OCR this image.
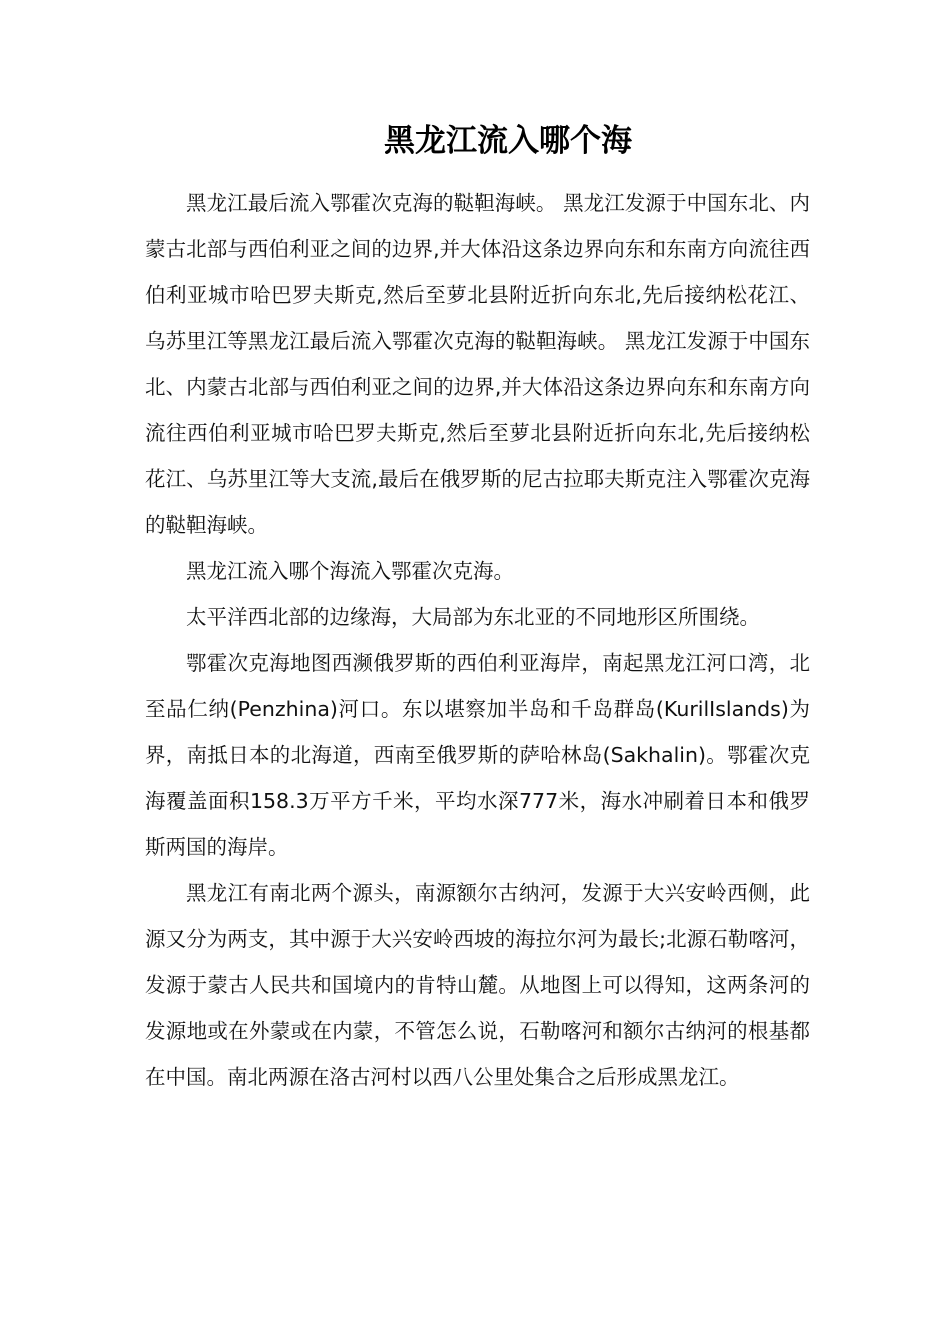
黑龙江流入哪个海

黑龙江最后流入鄂霍次克海的鞑靼海峡。 黑龙江发源于中国东北、内蒙古北部与西伯利亚之间的边界,并大体沿这条边界向东和东南方向流往西伯利亚城市哈巴罗夫斯克,然后至萝北县附近折向东北,先后接纳松花江、乌苏里江等黑龙江最后流入鄂霍次克海的鞑靼海峡。 黑龙江发源于中国东北、内蒙古北部与西伯利亚之间的边界,并大体沿这条边界向东和东南方向流往西伯利亚城市哈巴罗夫斯克,然后至萝北县附近折向东北,先后接纳松花江、乌苏里江等大支流,最后在俄罗斯的尼古拉耶夫斯克注入鄂霍次克海的鞑靼海峡。

黑龙江流入哪个海流入鄂霍次克海。

太平洋西北部的边缘海，大局部为东北亚的不同地形区所围绕。

鄂霍次克海地图西濒俄罗斯的西伯利亚海岸，南起黑龙江河口湾，北至品仁纳(Penzhina)河口。东以堪察加半岛和千岛群岛(KurilIslands)为界，南抵日本的北海道，西南至俄罗斯的萨哈林岛(Sakhalin)。鄂霍次克海覆盖面积158.3万平方千米，平均水深777米，海水冲刷着日本和俄罗斯两国的海岸。

黑龙江有南北两个源头，南源额尔古纳河，发源于大兴安岭西侧，此源又分为两支，其中源于大兴安岭西坡的海拉尔河为最长;北源石勒喀河，发源于蒙古人民共和国境内的肯特山麓。从地图上可以得知，这两条河的发源地或在外蒙或在内蒙，不管怎么说，石勒喀河和额尔古纳河的根基都在中国。南北两源在洛古河村以西八公里处集合之后形成黑龙江。
